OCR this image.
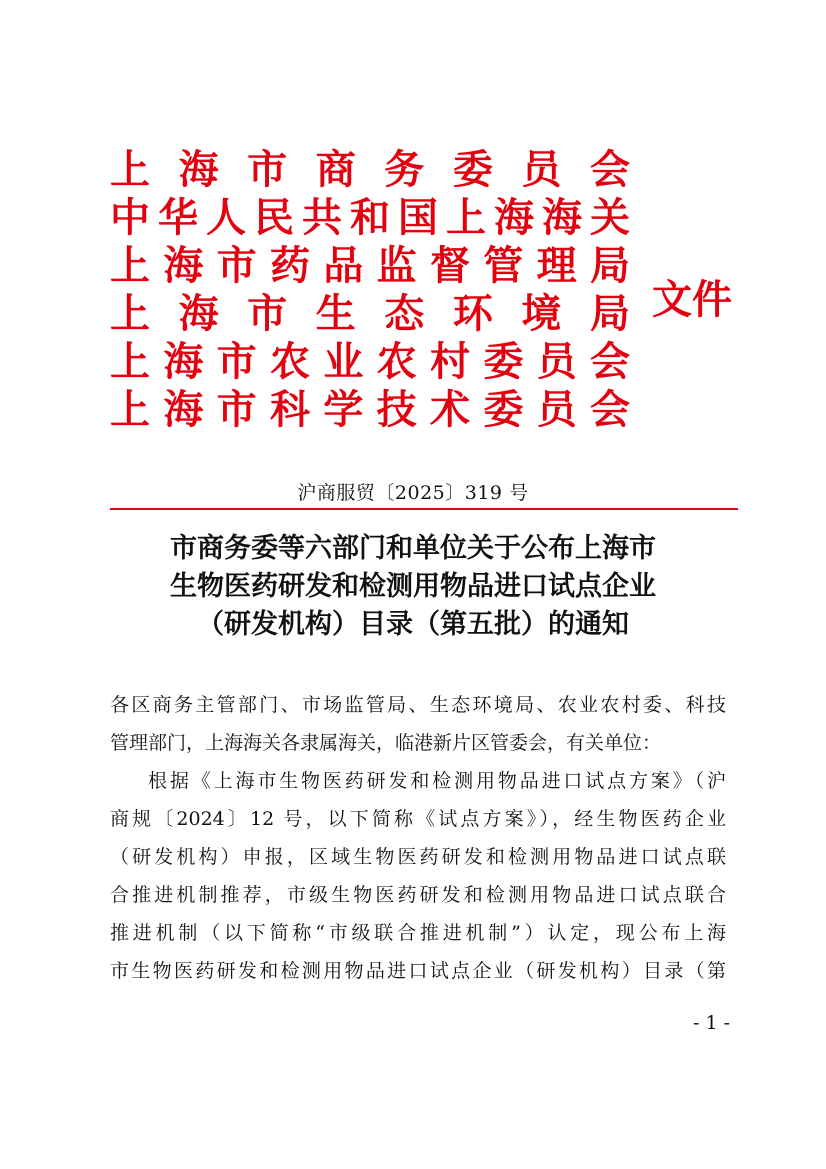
上 海 市 商 务 委 员 会
中华人民共和国上海海关
上海市药品监督管理局
上 海 市 生 态 环 境 局
上海市农业农村委员会
上海市科学技术委员会
文件
沪商服贸〔2025〕319 号
市商务委等六部门和单位关于公布上海市
生物医药研发和检测用物品进口试点企业
（研发机构）目录（第五批）的通知
各区商务主管部门、市场监管局、生态环境局、农业农村委、科技
管理部门，上海海关各隶属海关，临港新片区管委会，有关单位：
根据《上海市生物医药研发和检测用物品进口试点方案》（沪
商规〔2024〕12 号，以下简称《试点方案》），经生物医药企业
（研发机构）申报，区域生物医药研发和检测用物品进口试点联
合推进机制推荐，市级生物医药研发和检测用物品进口试点联合
推进机制（以下简称“市级联合推进机制”）认定，现公布上海
市生物医药研发和检测用物品进口试点企业（研发机构）目录（第
- 1 -
